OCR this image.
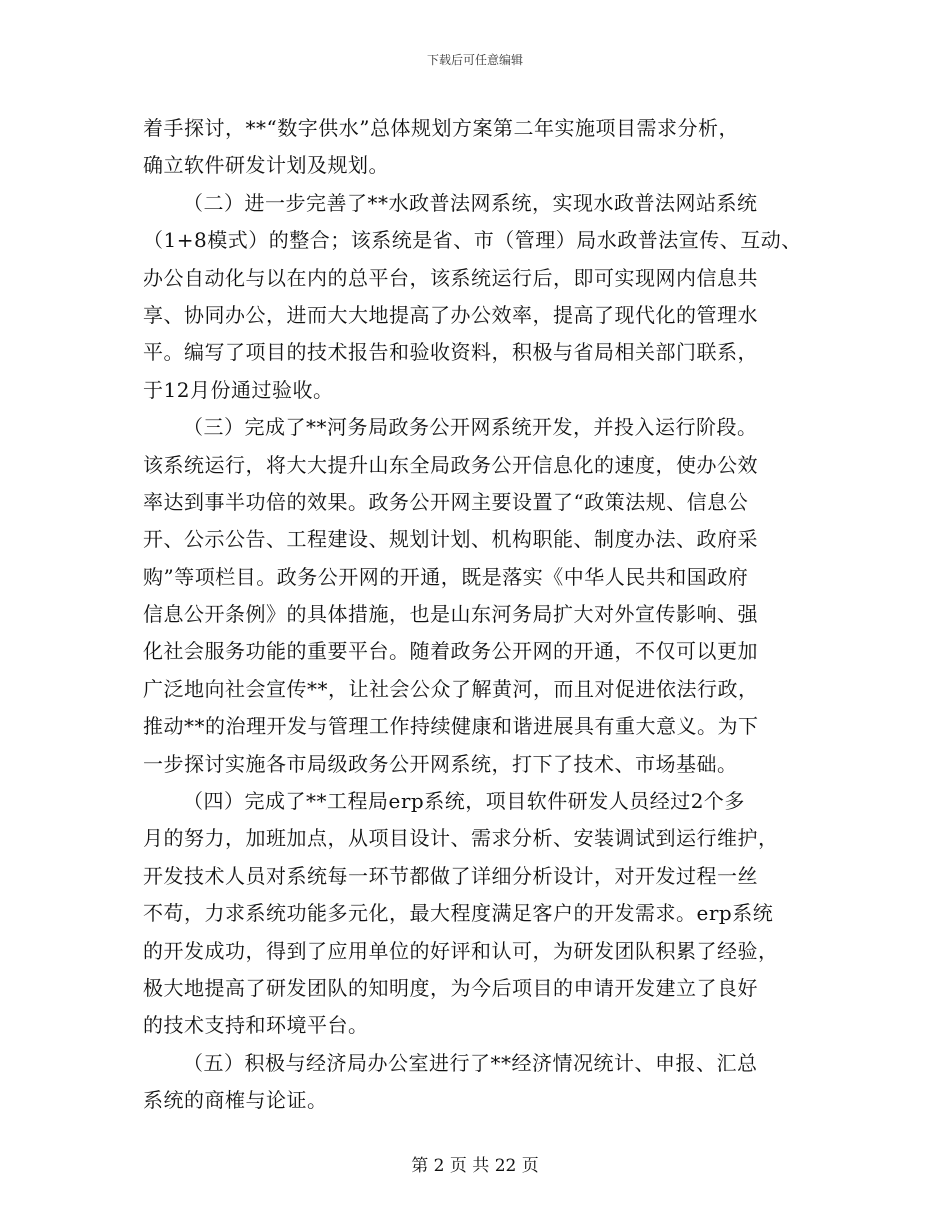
下载后可任意编辑
着手探讨，**“数字供水”总体规划方案第二年实施项目需求分析，
确立软件研发计划及规划。
（二）进一步完善了**水政普法网系统，实现水政普法网站系统
（1+8模式）的整合；该系统是省、市（管理）局水政普法宣传、互动、
办公自动化与以在内的总平台，该系统运行后，即可实现网内信息共
享、协同办公，进而大大地提高了办公效率，提高了现代化的管理水
平。编写了项目的技术报告和验收资料，积极与省局相关部门联系，
于12月份通过验收。
（三）完成了**河务局政务公开网系统开发，并投入运行阶段。
该系统运行，将大大提升山东全局政务公开信息化的速度，使办公效
率达到事半功倍的效果。政务公开网主要设置了“政策法规、信息公
开、公示公告、工程建设、规划计划、机构职能、制度办法、政府采
购”等项栏目。政务公开网的开通，既是落实《中华人民共和国政府
信息公开条例》的具体措施，也是山东河务局扩大对外宣传影响、强
化社会服务功能的重要平台。随着政务公开网的开通，不仅可以更加
广泛地向社会宣传**，让社会公众了解黄河，而且对促进依法行政，
推动**的治理开发与管理工作持续健康和谐进展具有重大意义。为下
一步探讨实施各市局级政务公开网系统，打下了技术、市场基础。
（四）完成了**工程局erp系统，项目软件研发人员经过2个多
月的努力，加班加点，从项目设计、需求分析、安装调试到运行维护，
开发技术人员对系统每一环节都做了详细分析设计，对开发过程一丝
不苟，力求系统功能多元化，最大程度满足客户的开发需求。erp系统
的开发成功，得到了应用单位的好评和认可，为研发团队积累了经验，
极大地提高了研发团队的知明度，为今后项目的申请开发建立了良好
的技术支持和环境平台。
（五）积极与经济局办公室进行了**经济情况统计、申报、汇总
系统的商榷与论证。
第 2 页 共 22 页
